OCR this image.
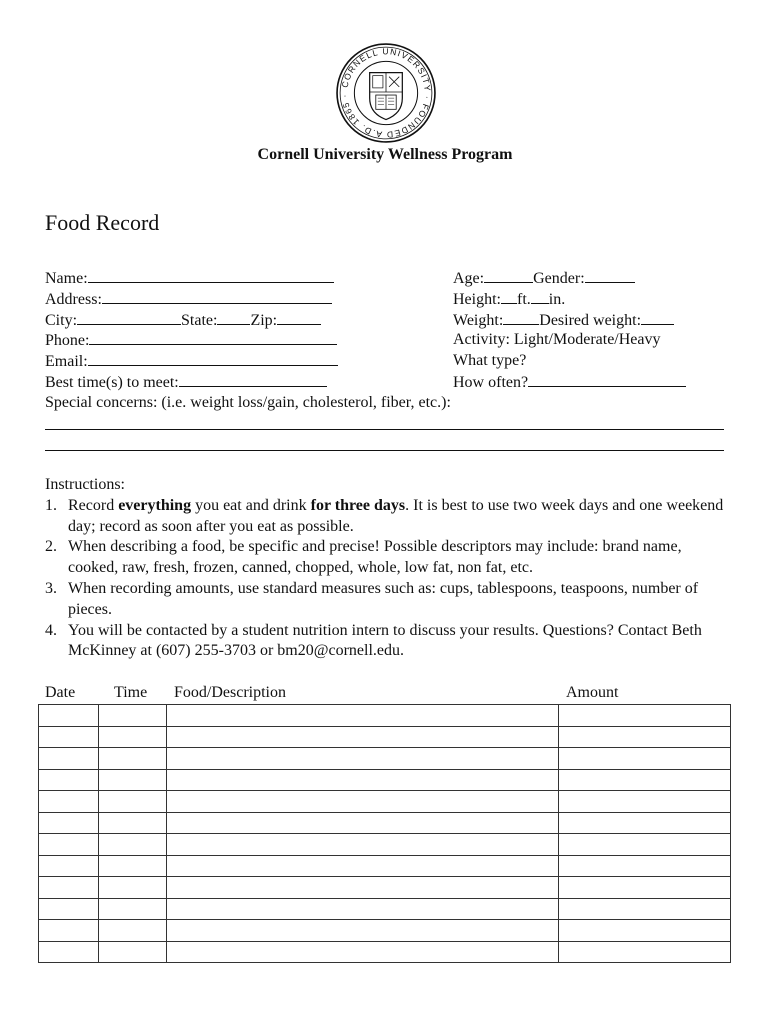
CORNELL UNIVERSITY · FOUNDED A.D. 1865 ·
Cornell University Wellness Program
Food Record
Name:
Address:
City:	State: Zip:
Phone:
Email:
Best time(s) to meet:
Special concerns: (i.e. weight loss/gain, cholesterol, fiber, etc.):
Age:	Gender:
Height: ft. in.
Weight: Desired weight:
Activity: Light/Moderate/Heavy
What type?
How often?
Instructions:
1. Record everything you eat and drink for three days. It is best to use two week days and one weekend day; record as soon after you eat as possible.
2. When describing a food, be specific and precise! Possible descriptors may include: brand name, cooked, raw, fresh, frozen, canned, chopped, whole, low fat, non fat, etc.
3. When recording amounts, use standard measures such as: cups, tablespoons, teaspoons, number of pieces.
4. You will be contacted by a student nutrition intern to discuss your results. Questions? Contact Beth McKinney at (607) 255-3703 or bm20@cornell.edu.
Date Time Food/Description	Amount
